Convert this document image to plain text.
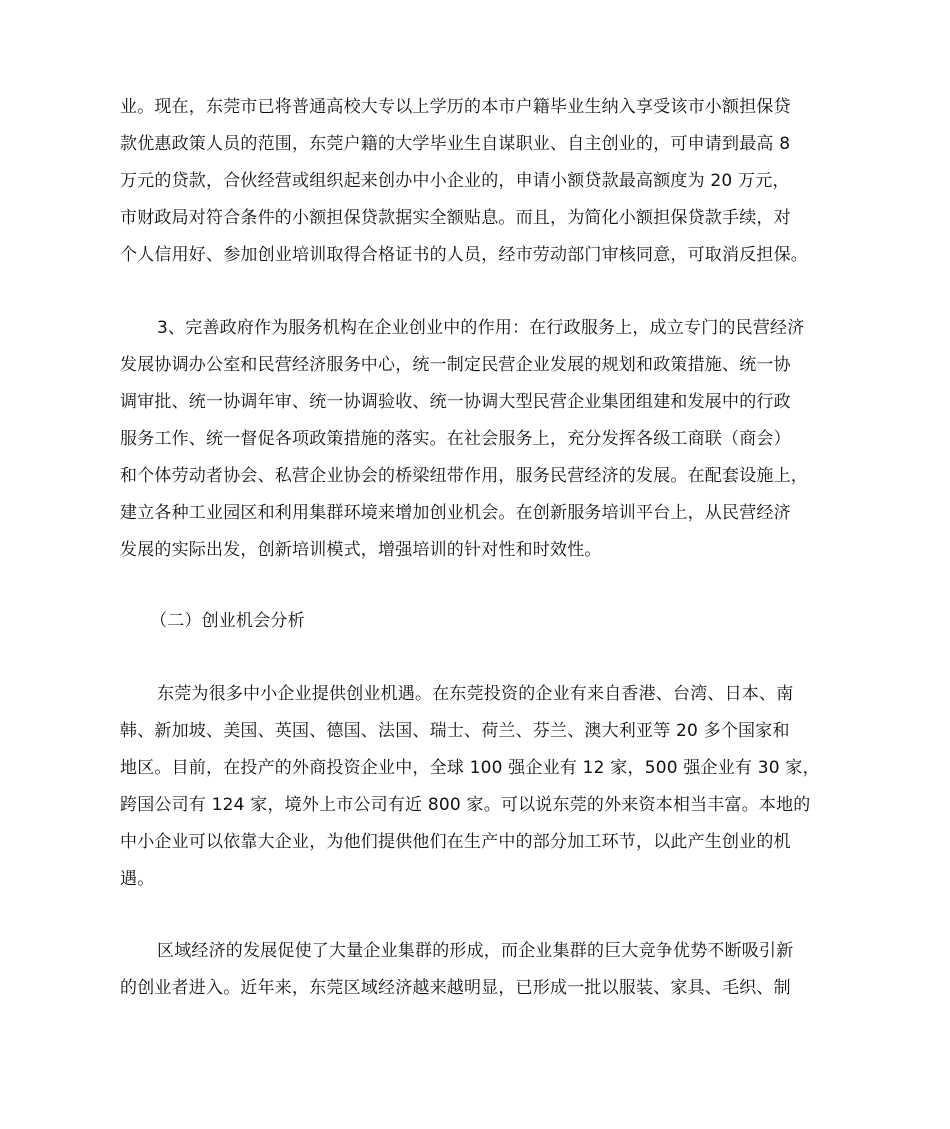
业。现在，东莞市已将普通高校大专以上学历的本市户籍毕业生纳入享受该市小额担保贷
款优惠政策人员的范围，东莞户籍的大学毕业生自谋职业、自主创业的，可申请到最高 8
万元的贷款，合伙经营或组织起来创办中小企业的，申请小额贷款最高额度为 20 万元，
市财政局对符合条件的小额担保贷款据实全额贴息。而且，为简化小额担保贷款手续，对
个人信用好、参加创业培训取得合格证书的人员，经市劳动部门审核同意，可取消反担保。
3、完善政府作为服务机构在企业创业中的作用：在行政服务上，成立专门的民营经济
发展协调办公室和民营经济服务中心，统一制定民营企业发展的规划和政策措施、统一协
调审批、统一协调年审、统一协调验收、统一协调大型民营企业集团组建和发展中的行政
服务工作、统一督促各项政策措施的落实。在社会服务上，充分发挥各级工商联（商会）
和个体劳动者协会、私营企业协会的桥梁纽带作用，服务民营经济的发展。在配套设施上，
建立各种工业园区和利用集群环境来增加创业机会。在创新服务培训平台上，从民营经济
发展的实际出发，创新培训模式，增强培训的针对性和时效性。
（二）创业机会分析
东莞为很多中小企业提供创业机遇。在东莞投资的企业有来自香港、台湾、日本、南
韩、新加坡、美国、英国、德国、法国、瑞士、荷兰、芬兰、澳大利亚等 20 多个国家和
地区。目前，在投产的外商投资企业中，全球 100 强企业有 12 家，500 强企业有 30 家，
跨国公司有 124 家，境外上市公司有近 800 家。可以说东莞的外来资本相当丰富。本地的
中小企业可以依靠大企业，为他们提供他们在生产中的部分加工环节，以此产生创业的机
遇。
区域经济的发展促使了大量企业集群的形成，而企业集群的巨大竞争优势不断吸引新
的创业者进入。近年来，东莞区域经济越来越明显，已形成一批以服装、家具、毛织、制
